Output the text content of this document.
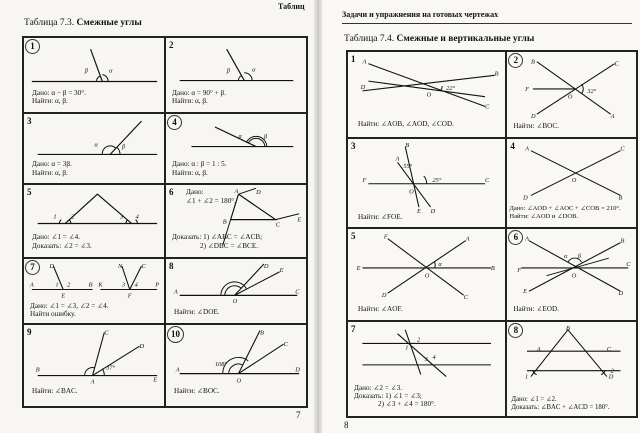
Таблиц
Таблица 7.3. Смежные углы
1
β	α
Дано: α − β = 30°.
Найти: α, β.
2
β	α
Дано: α = 90° + β.
Найти: α, β.
3
α	β
Дано: α = 3β.
Найти: α, β.
4
α	β
Дано: α : β = 1 : 5.
Найти: α, β.
5
1 2	3 4
Дано: ∠1 = ∠4.
Доказать: ∠2 = ∠3.
6 Дано:
∠1 + ∠2 = 180°.
A
B	C
D
E
Доказать: 1) ∠ABC = ∠ACB;
2) ∠DBC = ∠BCE.
7
A
D
E
B K
N	C
F
P
1 2	3 4
Дано: ∠1 = ∠3, ∠2 = ∠4.
Найти ошибку.
8
A
D
E
O
C
Найти: ∠DOE.
9
B
C
D
A	E
37°
Найти: ∠BAC.
10
A
B
C
D
O
108°
Найти: ∠BOC.
7
Задачи и упражнения на готовых чертежах
Таблица 7.4. Смежные и вертикальные углы
1 A
D
O
B
C
22°
Найти: ∠AOB, ∠AOD, ∠COD.
2	B	C
F
O
D	A
32°
Найти: ∠BOC.
3
A
55°
F
O
C
25°
D
E
B
Найти: ∠FOE.
4 A	C
D	B
O
Дано: ∠AOD + ∠AOC + ∠COB = 210°.
Найти: ∠AOD и ∠DOB.
5	F	A
E	B
O
D	C
α
Найти: ∠AOF.
6	A	B
F
C
E
O
D
α β
Найти: ∠EOD.
7
1
2
3 4
Дано: ∠2 = ∠3.
Доказать: 1) ∠1 = ∠3;
2) ∠3 + ∠4 = 180°.
8	B
C
A
D
1
2
Дано: ∠1 = ∠2.
Доказать: ∠BAC + ∠ACD = 180°.
8
